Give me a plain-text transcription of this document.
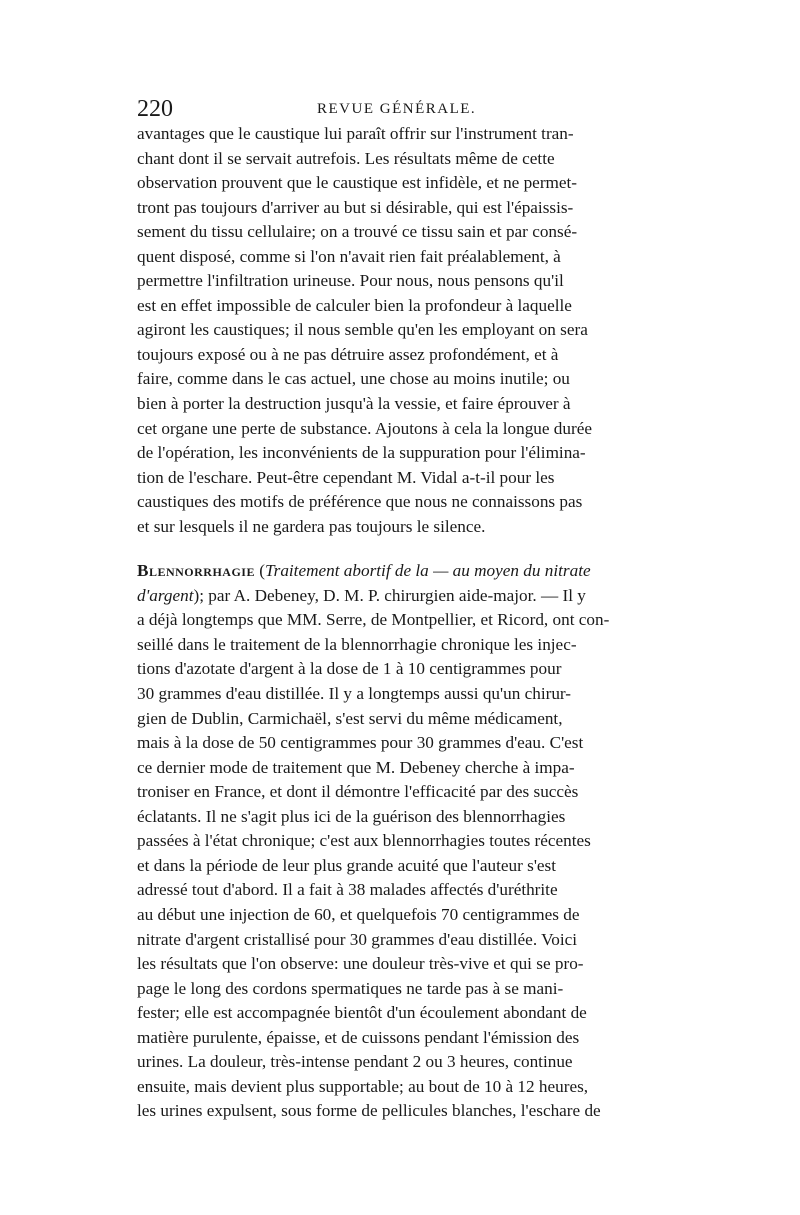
220	REVUE GÉNÉRALE.
avantages que le caustique lui paraît offrir sur l'instrument tran-
chant dont il se servait autrefois. Les résultats même de cette
observation prouvent que le caustique est infidèle, et ne permet-
tront pas toujours d'arriver au but si désirable, qui est l'épaissis-
sement du tissu cellulaire; on a trouvé ce tissu sain et par consé-
quent disposé, comme si l'on n'avait rien fait préalablement, à
permettre l'infiltration urineuse. Pour nous, nous pensons qu'il
est en effet impossible de calculer bien la profondeur à laquelle
agiront les caustiques; il nous semble qu'en les employant on sera
toujours exposé ou à ne pas détruire assez profondément, et à
faire, comme dans le cas actuel, une chose au moins inutile; ou
bien à porter la destruction jusqu'à la vessie, et faire éprouver à
cet organe une perte de substance. Ajoutons à cela la longue durée
de l'opération, les inconvénients de la suppuration pour l'élimina-
tion de l'eschare. Peut-être cependant M. Vidal a-t-il pour les
caustiques des motifs de préférence que nous ne connaissons pas
et sur lesquels il ne gardera pas toujours le silence.
Blennorrhagie (Traitement abortif de la — au moyen du nitrate
d'argent); par A. Debeney, D. M. P. chirurgien aide-major. — Il y
a déjà longtemps que MM. Serre, de Montpellier, et Ricord, ont con-
seillé dans le traitement de la blennorrhagie chronique les injec-
tions d'azotate d'argent à la dose de 1 à 10 centigrammes pour
30 grammes d'eau distillée. Il y a longtemps aussi qu'un chirur-
gien de Dublin, Carmichaël, s'est servi du même médicament,
mais à la dose de 50 centigrammes pour 30 grammes d'eau. C'est
ce dernier mode de traitement que M. Debeney cherche à impa-
troniser en France, et dont il démontre l'efficacité par des succès
éclatants. Il ne s'agit plus ici de la guérison des blennorrhagies
passées à l'état chronique; c'est aux blennorrhagies toutes récentes
et dans la période de leur plus grande acuité que l'auteur s'est
adressé tout d'abord. Il a fait à 38 malades affectés d'uréthrite
au début une injection de 60, et quelquefois 70 centigrammes de
nitrate d'argent cristallisé pour 30 grammes d'eau distillée. Voici
les résultats que l'on observe: une douleur très-vive et qui se pro-
page le long des cordons spermatiques ne tarde pas à se mani-
fester; elle est accompagnée bientôt d'un écoulement abondant de
matière purulente, épaisse, et de cuissons pendant l'émission des
urines. La douleur, très-intense pendant 2 ou 3 heures, continue
ensuite, mais devient plus supportable; au bout de 10 à 12 heures,
les urines expulsent, sous forme de pellicules blanches, l'eschare de
